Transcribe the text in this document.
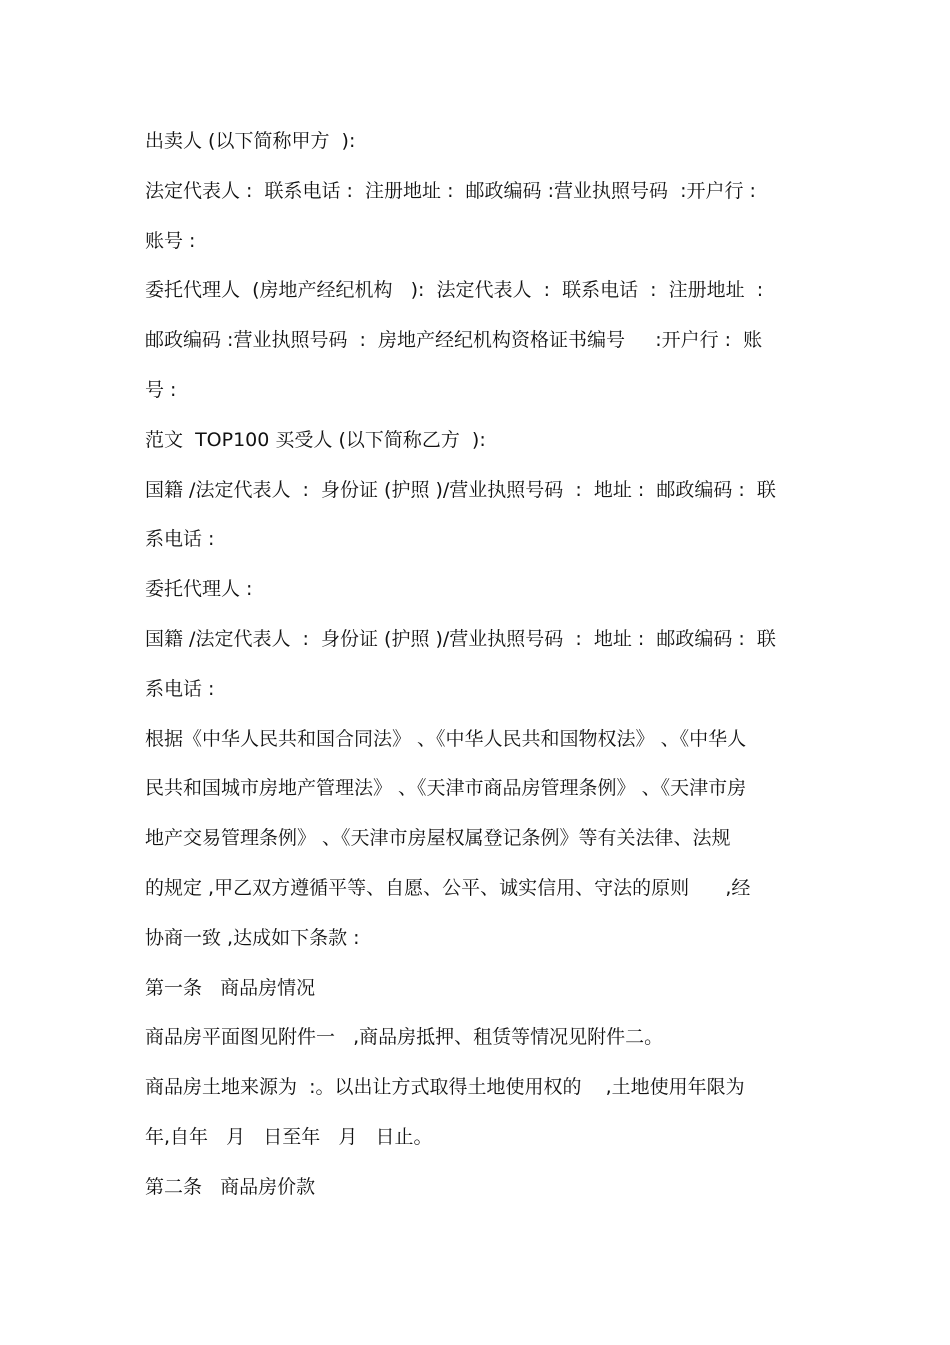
出卖人 (以下简称甲方  ):
法定代表人 :  联系电话 :  注册地址 :  邮政编码 :营业执照号码  :开户行 :
账号 :
委托代理人  (房地产经纪机构   ):  法定代表人  :  联系电话  :  注册地址  :
邮政编码 :营业执照号码  :  房地产经纪机构资格证书编号     :开户行 :  账
号 :
范文  TOP100 买受人 (以下简称乙方  ):
国籍 /法定代表人  :  身份证 (护照 )/营业执照号码  :  地址 :  邮政编码 :  联
系电话 :
委托代理人 :
国籍 /法定代表人  :  身份证 (护照 )/营业执照号码  :  地址 :  邮政编码 :  联
系电话 :
根据《中华人民共和国合同法》 、《中华人民共和国物权法》 、《中华人
民共和国城市房地产管理法》 、《天津市商品房管理条例》 、《天津市房
地产交易管理条例》 、《天津市房屋权属登记条例》等有关法律、法规
的规定 ,甲乙双方遵循平等、自愿、公平、诚实信用、守法的原则      ,经
协商一致 ,达成如下条款 :
第一条   商品房情况
商品房平面图见附件一   ,商品房抵押、租赁等情况见附件二。
商品房土地来源为  :。以出让方式取得土地使用权的    ,土地使用年限为
年,自年   月   日至年   月   日止。
第二条   商品房价款
